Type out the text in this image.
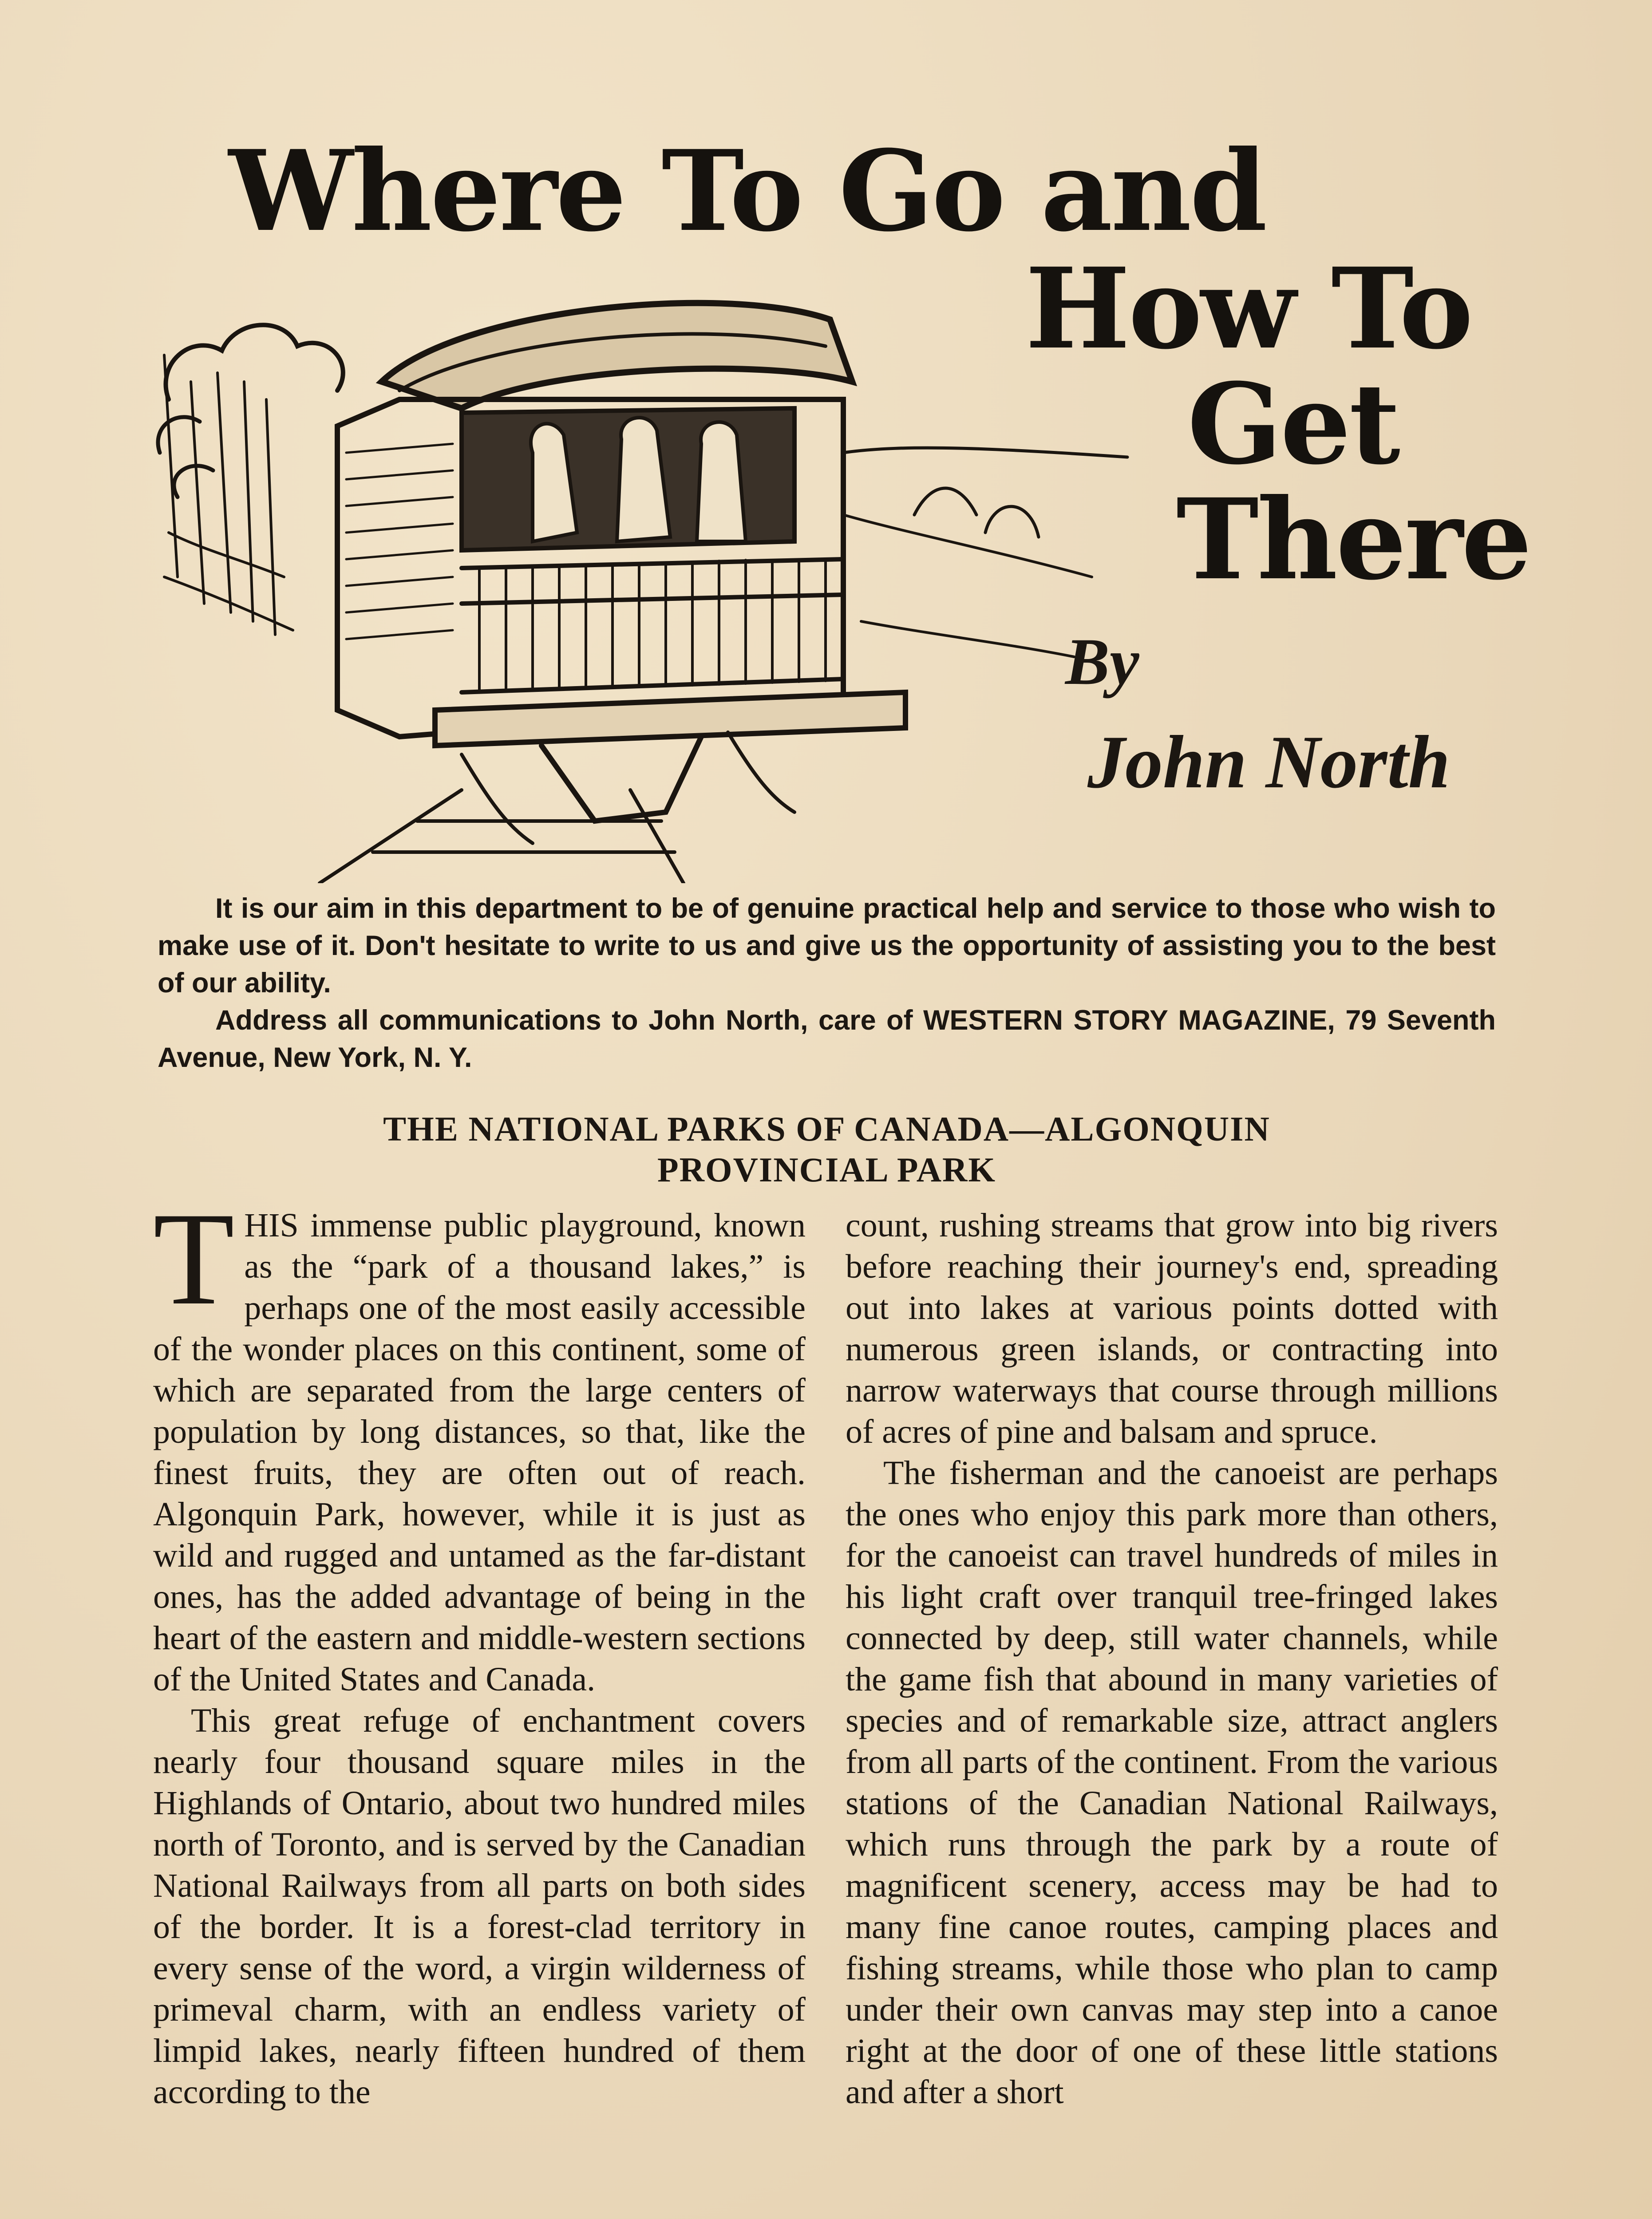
Where To Go and
How To
Get
There
By
John North

It is our aim in this department to be of genuine practical help and service to those who wish to make use of it. Don't hesitate to write to us and give us the opportunity of assisting you to the best of our ability.

Address all communications to John North, care of WESTERN STORY MAGAZINE, 79 Seventh Avenue, New York, N. Y.

THE NATIONAL PARKS OF CANADA—ALGONQUIN
PROVINCIAL PARK

THIS immense public playground, known as the “park of a thousand lakes,” is perhaps one of the most easily accessible of the wonder places on this continent, some of which are separated from the large centers of population by long distances, so that, like the finest fruits, they are often out of reach. Algonquin Park, however, while it is just as wild and rugged and untamed as the far-distant ones, has the added advantage of being in the heart of the eastern and middle-western sections of the United States and Canada.

This great refuge of enchantment covers nearly four thousand square miles in the Highlands of Ontario, about two hundred miles north of Toronto, and is served by the Canadian National Railways from all parts on both sides of the border. It is a forest-clad territory in every sense of the word, a virgin wilderness of primeval charm, with an endless variety of limpid lakes, nearly fifteen hundred of them according to the

count, rushing streams that grow into big rivers before reaching their journey's end, spreading out into lakes at various points dotted with numerous green islands, or contracting into narrow waterways that course through millions of acres of pine and balsam and spruce.

The fisherman and the canoeist are perhaps the ones who enjoy this park more than others, for the canoeist can travel hundreds of miles in his light craft over tranquil tree-fringed lakes connected by deep, still water channels, while the game fish that abound in many varieties of species and of remarkable size, attract anglers from all parts of the continent. From the various stations of the Canadian National Railways, which runs through the park by a route of magnificent scenery, access may be had to many fine canoe routes, camping places and fishing streams, while those who plan to camp under their own canvas may step into a canoe right at the door of one of these little stations and after a short
